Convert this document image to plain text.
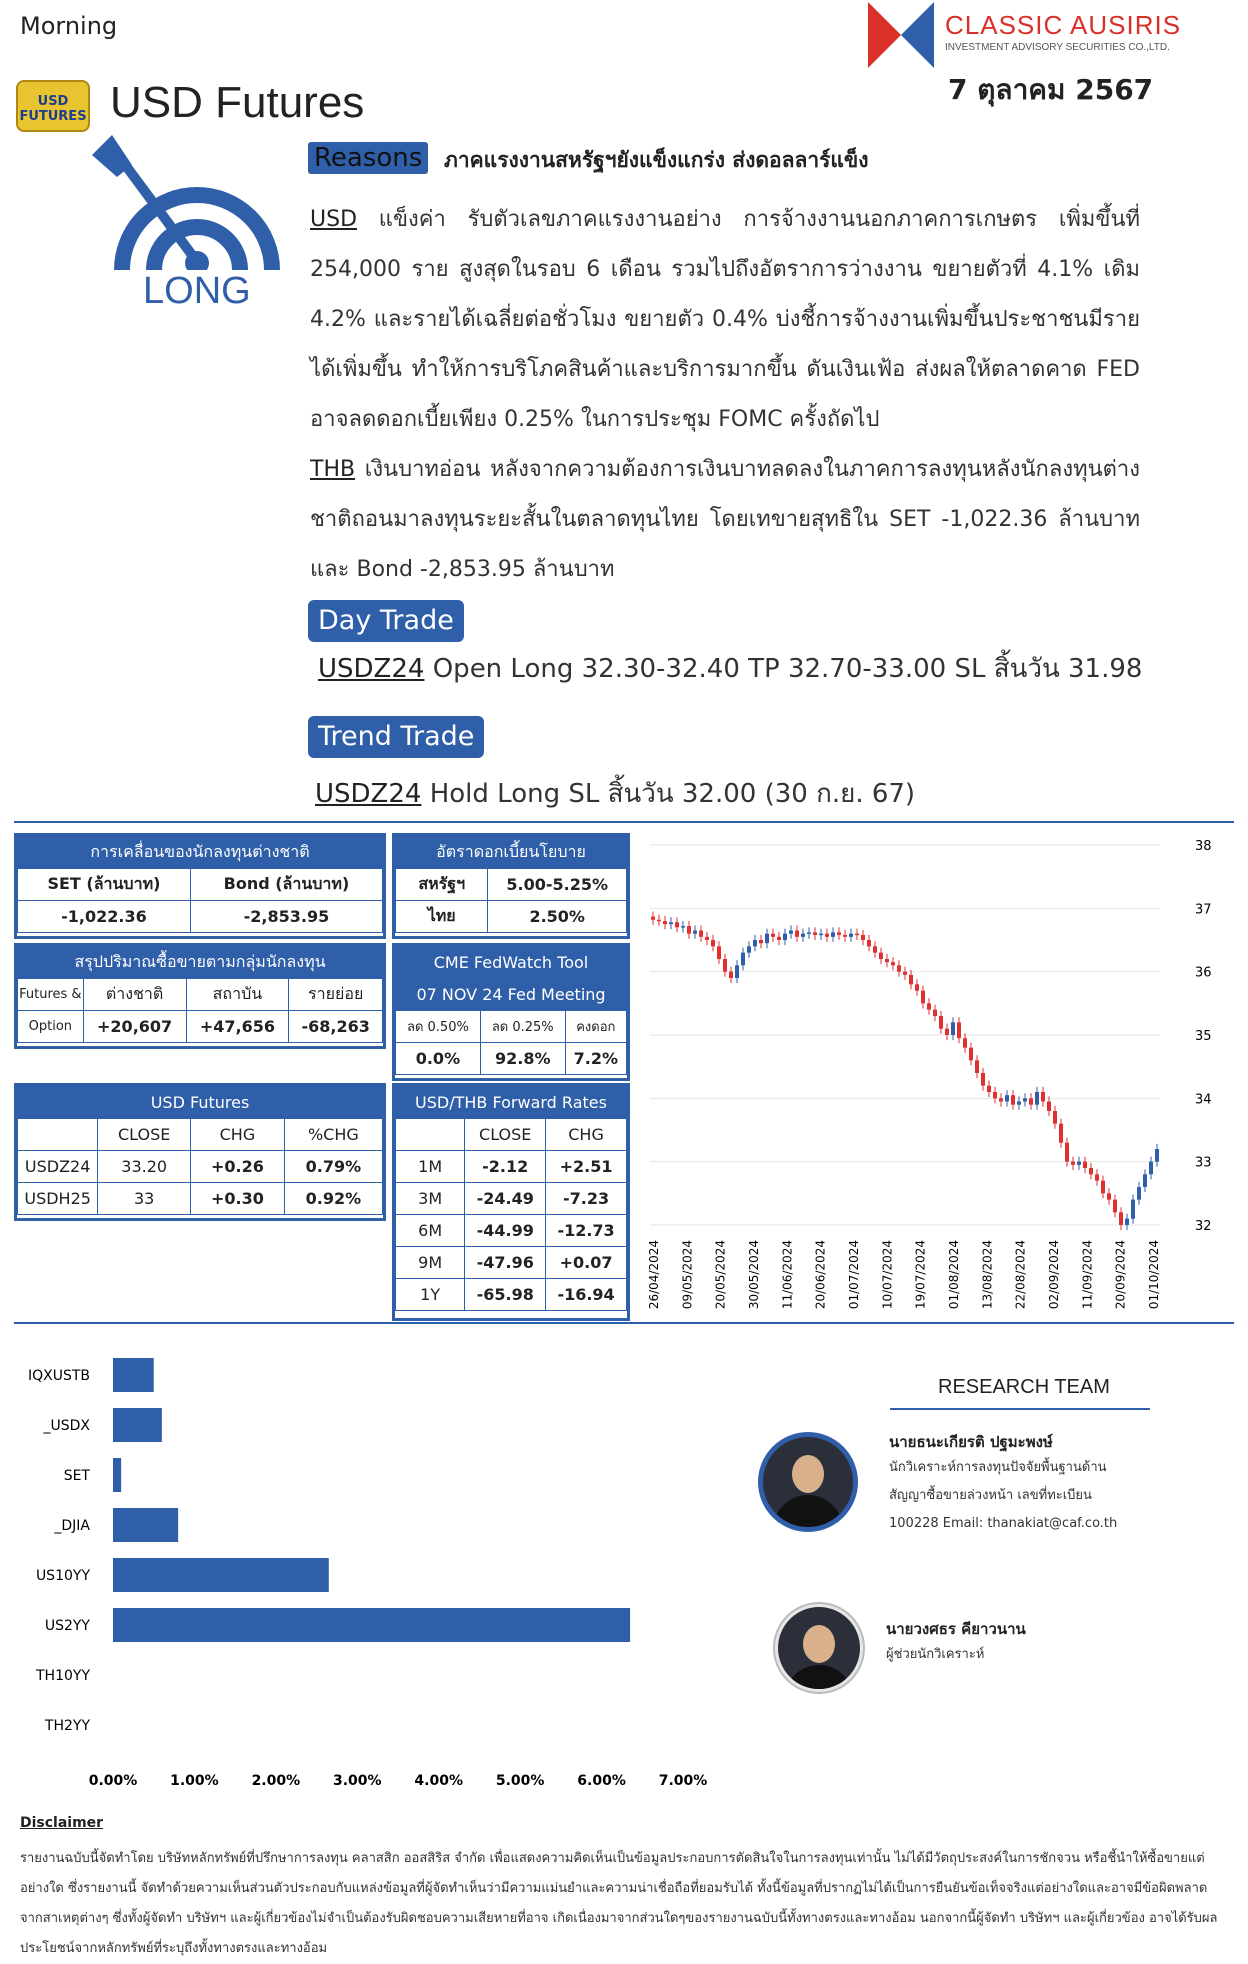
Morning	CLASSIC AUSIRIS
INVESTMENT ADVISORY SECURITIES CO.,LTD.
7 ตุลาคม 2567
USD FUTURES USD Futures
LONG
Reasons ภาคแรงงานสหรัฐฯยังแข็งแกร่ง ส่งดอลลาร์แข็ง

USD แข็งค่า รับตัวเลขภาคแรงงานอย่าง การจ้างงานนอกภาคการเกษตร เพิ่มขึ้นที่ 254,000 ราย สูงสุดในรอบ 6 เดือน รวมไปถึงอัตราการว่างงาน ขยายตัวที่ 4.1% เดิม 4.2% และรายได้เฉลี่ยต่อชั่วโมง ขยายตัว 0.4% บ่งชี้การจ้างงานเพิ่มขึ้นประชาชนมีรายได้เพิ่มขึ้น ทำให้การบริโภคสินค้าและบริการมากขึ้น ดันเงินเฟ้อ ส่งผลให้ตลาดคาด FED อาจลดดอกเบี้ยเพียง 0.25% ในการประชุม FOMC ครั้งถัดไป

THB เงินบาทอ่อน หลังจากความต้องการเงินบาทลดลงในภาคการลงทุนหลังนักลงทุนต่างชาติถอนมาลงทุนระยะสั้นในตลาดทุนไทย โดยเทขายสุทธิใน SET -1,022.36 ล้านบาท และ Bond -2,853.95 ล้านบาท

Day Trade
USDZ24 Open Long 32.30-32.40 TP 32.70-33.00 SL สิ้นวัน 31.98
Trend Trade
USDZ24 Hold Long SL สิ้นวัน 32.00 (30 ก.ย. 67)
การเคลื่อนของนักลงทุนต่างชาติ	
SET (ล้านบาท)	Bond (ล้านบาท)
-1,022.36	-2,853.95
อัตราดอกเบี้ยนโยบาย	
สหรัฐฯ	5.00-5.25%
ไทย	2.50%
สรุปปริมาณซื้อขายตามกลุ่มนักลงทุน			
Futures &	ต่างชาติ	สถาบัน	รายย่อย
Option	+20,607	+47,656	-68,263
CME FedWatch Tool		
07 NOV 24 Fed Meeting		
ลด 0.50%	ลด 0.25%	คงดอก
0.0%	92.8%	7.2%
USD Futures			
	CLOSE	CHG	%CHG
USDZ24	33.20	+0.26	0.79%
USDH25	33	+0.30	0.92%
USD/THB Forward Rates		
	CLOSE	CHG
1M	-2.12	+2.51
3M	-24.49	-7.23
6M	-44.99	-12.73
9M	-47.96	+0.07
1Y	-65.98	-16.94
38
37
36
35
34
33
32
26/04/2024 09/05/2024 20/05/2024 30/05/2024 11/06/2024 20/06/2024 01/07/2024 10/07/2024 19/07/2024 01/08/2024 13/08/2024 22/08/2024 02/09/2024 11/09/2024 20/09/2024 01/10/2024
IQXUSTB
_USDX
SET
_DJIA
US10YY
US2YY
TH10YY
TH2YY
0.00% 1.00% 2.00% 3.00% 4.00% 5.00% 6.00% 7.00%
RESEARCH TEAM
นายธนะเกียรติ ปฐมะพงษ์
นักวิเคราะห์การลงทุนปัจจัยพื้นฐานด้าน
สัญญาซื้อขายล่วงหน้า เลขที่ทะเบียน
100228 Email: thanakiat@caf.co.th
นายวงศธร คียาวนาน
ผู้ช่วยนักวิเคราะห์
Disclaimer
รายงานฉบับนี้จัดทำโดย บริษัทหลักทรัพย์ที่ปรึกษาการลงทุน คลาสสิก ออสสิริส จำกัด เพื่อแสดงความคิดเห็นเป็นข้อมูลประกอบการตัดสินใจในการลงทุนเท่านั้น ไม่ได้มีวัตถุประสงค์ในการชักจวน หรือชี้นำให้ซื้อขายแต่อย่างใด ซึ่งรายงานนี้ จัดทำด้วยความเห็นส่วนตัวประกอบกับแหล่งข้อมูลที่ผู้จัดทำเห็นว่ามีความแม่นยำและความน่าเชื่อถือที่ยอมรับได้ ทั้งนี้ข้อมูลที่ปรากฏไม่ได้เป็นการยืนยันข้อเท็จจริงแต่อย่างใดและอาจมีข้อผิดพลาดจากสาเหตุต่างๆ ซึ่งทั้งผู้จัดทำ บริษัทฯ และผู้เกี่ยวข้องไม่จำเป็นต้องรับผิดชอบความเสียหายที่อาจ เกิดเนื่องมาจากส่วนใดๆของรายงานฉบับนี้ทั้งทางตรงและทางอ้อม นอกจากนี้ผู้จัดทำ บริษัทฯ และผู้เกี่ยวข้อง อาจได้รับผลประโยชน์จากหลักทรัพย์ที่ระบุถึงทั้งทางตรงและทางอ้อม
